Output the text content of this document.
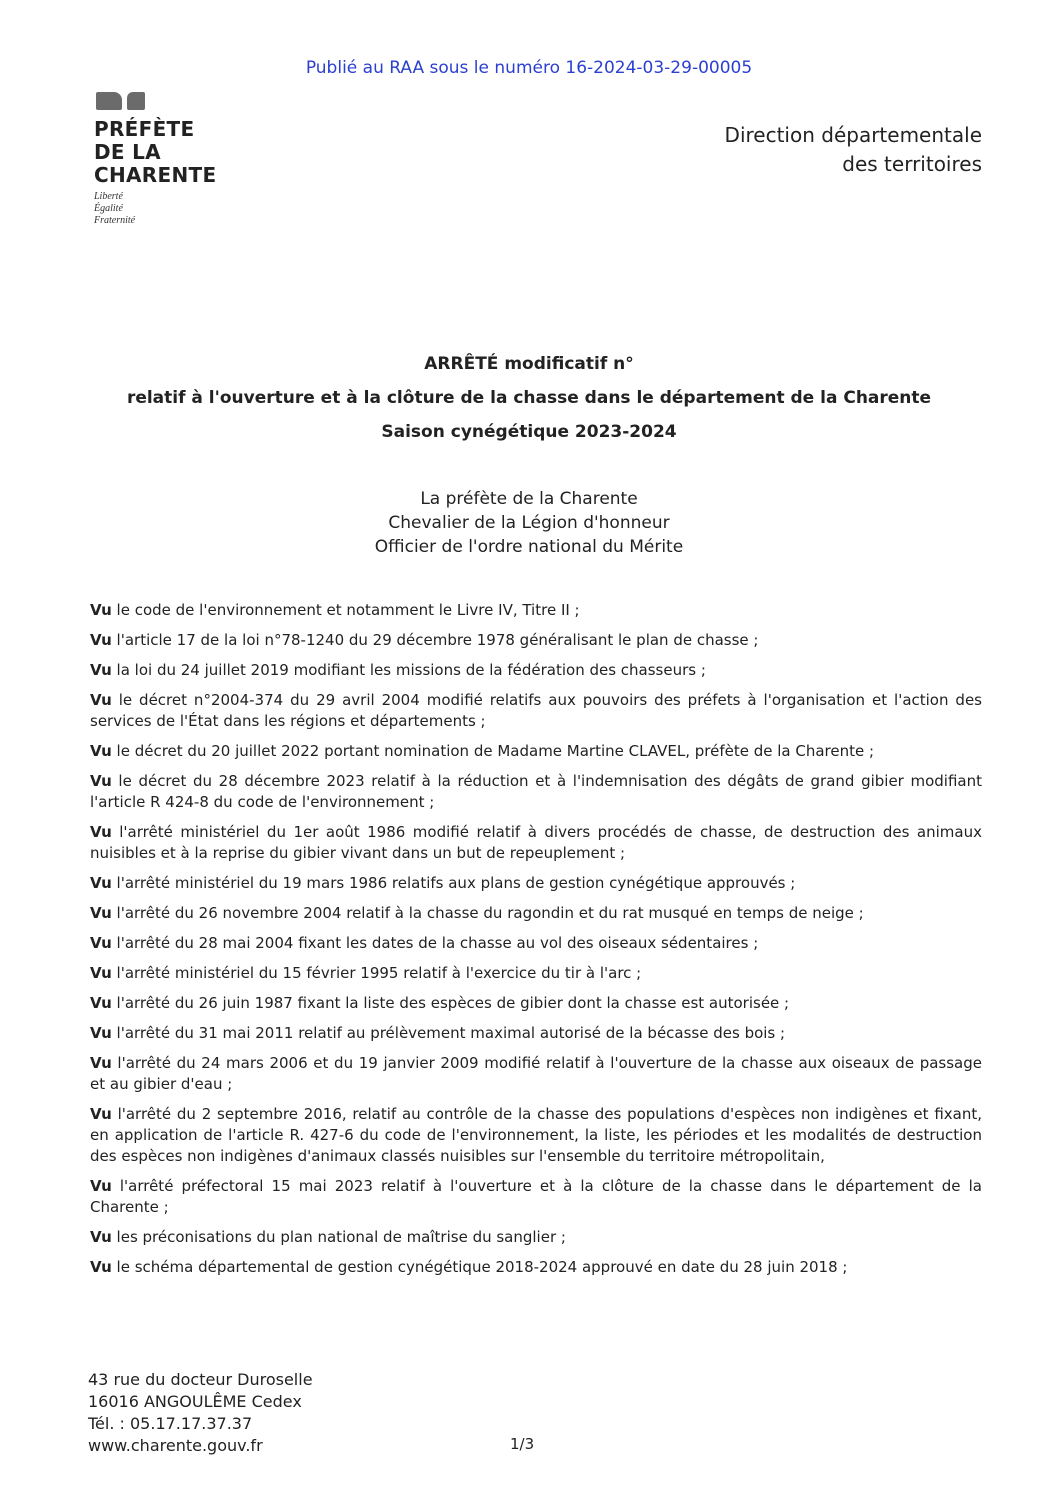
Publié au RAA sous le numéro 16-2024-03-29-00005
PRÉFÈTE
DE LA
CHARENTE
Liberté
Égalité
Fraternité
Direction départementale
des territoires
ARRÊTÉ modificatif n°
relatif à l'ouverture et à la clôture de la chasse dans le département de la Charente
Saison cynégétique 2023-2024
La préfète de la Charente
Chevalier de la Légion d'honneur
Officier de l'ordre national du Mérite
Vu le code de l'environnement et notamment le Livre IV, Titre II ;
Vu l'article 17 de la loi n°78-1240 du 29 décembre 1978 généralisant le plan de chasse ;
Vu la loi du 24 juillet 2019 modifiant les missions de la fédération des chasseurs ;
Vu le décret n°2004-374 du 29 avril 2004 modifié relatifs aux pouvoirs des préfets à l'organisation et l'action des services de l'État dans les régions et départements ;
Vu le décret du 20 juillet 2022 portant nomination de Madame Martine CLAVEL, préfète de la Charente ;
Vu le décret du 28 décembre 2023 relatif à la réduction et à l'indemnisation des dégâts de grand gibier modifiant l'article R 424-8 du code de l'environnement ;
Vu l'arrêté ministériel du 1er août 1986 modifié relatif à divers procédés de chasse, de destruction des animaux nuisibles et à la reprise du gibier vivant dans un but de repeuplement ;
Vu l'arrêté ministériel du 19 mars 1986 relatifs aux plans de gestion cynégétique approuvés ;
Vu l'arrêté du 26 novembre 2004 relatif à la chasse du ragondin et du rat musqué en temps de neige ;
Vu l'arrêté du 28 mai 2004 fixant les dates de la chasse au vol des oiseaux sédentaires ;
Vu l'arrêté ministériel du 15 février 1995 relatif à l'exercice du tir à l'arc ;
Vu l'arrêté du 26 juin 1987 fixant la liste des espèces de gibier dont la chasse est autorisée ;
Vu l'arrêté du 31 mai 2011 relatif au prélèvement maximal autorisé de la bécasse des bois ;
Vu l'arrêté du 24 mars 2006 et du 19 janvier 2009 modifié relatif à l'ouverture de la chasse aux oiseaux de passage et au gibier d'eau ;
Vu l'arrêté du 2 septembre 2016, relatif au contrôle de la chasse des populations d'espèces non indigènes et fixant, en application de l'article R. 427-6 du code de l'environnement, la liste, les périodes et les modalités de destruction des espèces non indigènes d'animaux classés nuisibles sur l'ensemble du territoire métropolitain,
Vu l'arrêté préfectoral 15 mai 2023 relatif à l'ouverture et à la clôture de la chasse dans le département de la Charente ;
Vu les préconisations du plan national de maîtrise du sanglier ;
Vu le schéma départemental de gestion cynégétique 2018-2024 approuvé en date du 28 juin 2018 ;
43 rue du docteur Duroselle
16016 ANGOULÊME Cedex
Tél. : 05.17.17.37.37
www.charente.gouv.fr	1/3
